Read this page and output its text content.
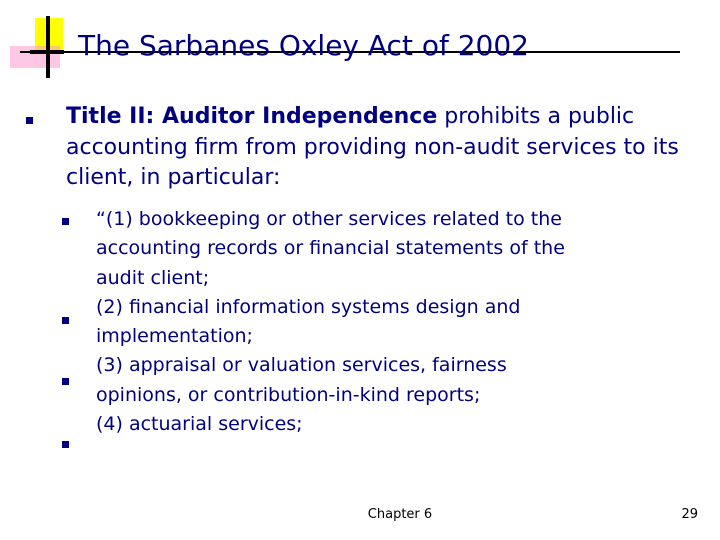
The Sarbanes Oxley Act of 2002
Title II: Auditor Independence prohibits a public accounting firm from providing non-audit services to its client, in particular:
“(1) bookkeeping or other services related to the
accounting records or financial statements of the
audit client;
(2) financial information systems design and
implementation;
(3) appraisal or valuation services, fairness
opinions, or contribution-in-kind reports;
(4) actuarial services;
Chapter 6	29
